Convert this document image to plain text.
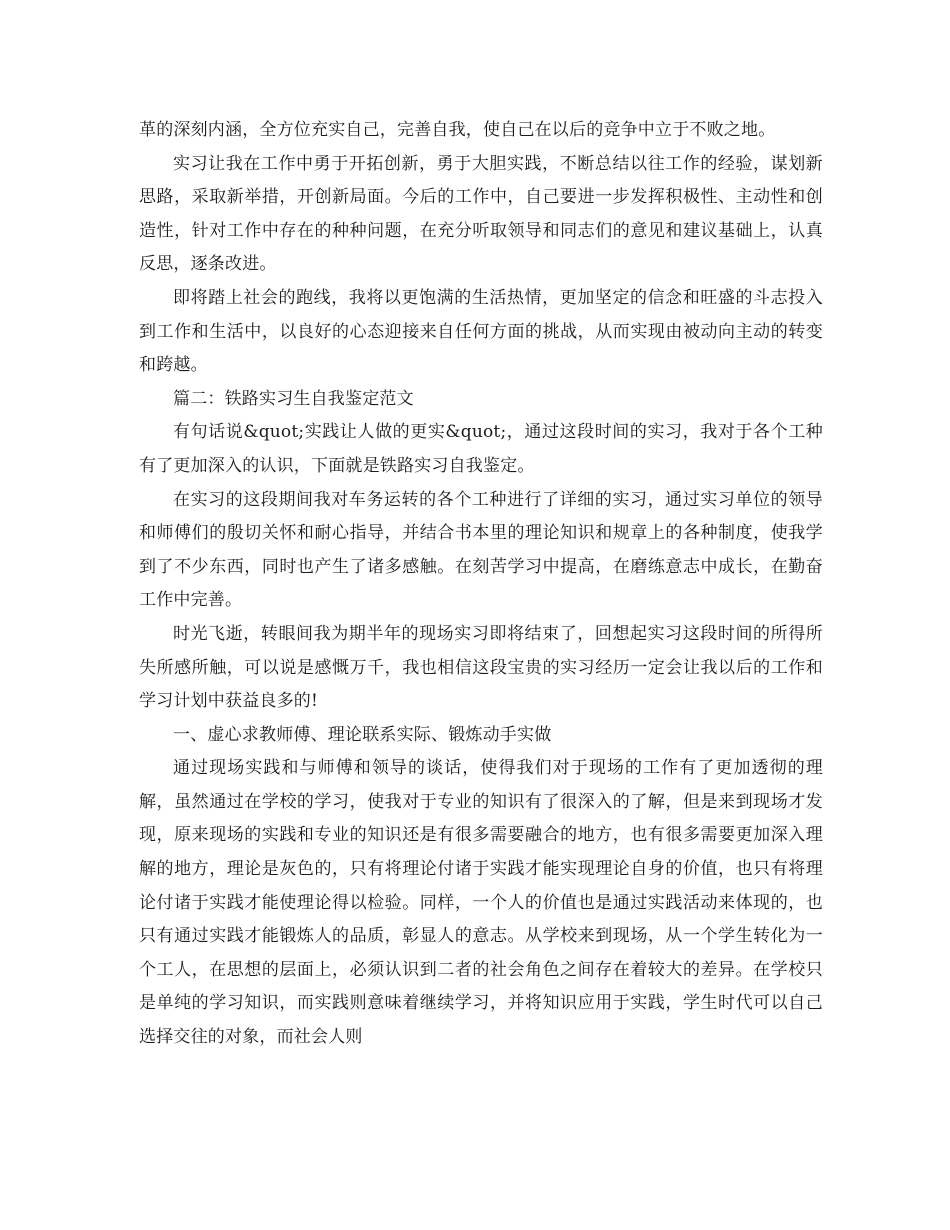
革的深刻内涵，全方位充实自己，完善自我，使自己在以后的竞争中立于不败之地。

实习让我在工作中勇于开拓创新，勇于大胆实践，不断总结以往工作的经验，谋划新思路，采取新举措，开创新局面。今后的工作中，自己要进一步发挥积极性、主动性和创造性，针对工作中存在的种种问题，在充分听取领导和同志们的意见和建议基础上，认真反思，逐条改进。

即将踏上社会的跑线，我将以更饱满的生活热情，更加坚定的信念和旺盛的斗志投入到工作和生活中，以良好的心态迎接来自任何方面的挑战，从而实现由被动向主动的转变和跨越。

篇二：铁路实习生自我鉴定范文

有句话说&quot;实践让人做的更实&quot;，通过这段时间的实习，我对于各个工种有了更加深入的认识，下面就是铁路实习自我鉴定。

在实习的这段期间我对车务运转的各个工种进行了详细的实习，通过实习单位的领导和师傅们的殷切关怀和耐心指导，并结合书本里的理论知识和规章上的各种制度，使我学到了不少东西，同时也产生了诸多感触。在刻苦学习中提高，在磨练意志中成长，在勤奋工作中完善。

时光飞逝，转眼间我为期半年的现场实习即将结束了，回想起实习这段时间的所得所失所感所触，可以说是感慨万千，我也相信这段宝贵的实习经历一定会让我以后的工作和学习计划中获益良多的!

一、虚心求教师傅、理论联系实际、锻炼动手实做

通过现场实践和与师傅和领导的谈话，使得我们对于现场的工作有了更加透彻的理解，虽然通过在学校的学习，使我对于专业的知识有了很深入的了解，但是来到现场才发现，原来现场的实践和专业的知识还是有很多需要融合的地方，也有很多需要更加深入理解的地方，理论是灰色的，只有将理论付诸于实践才能实现理论自身的价值，也只有将理论付诸于实践才能使理论得以检验。同样，一个人的价值也是通过实践活动来体现的，也只有通过实践才能锻炼人的品质，彰显人的意志。从学校来到现场，从一个学生转化为一个工人，在思想的层面上，必须认识到二者的社会角色之间存在着较大的差异。在学校只是单纯的学习知识，而实践则意味着继续学习，并将知识应用于实践，学生时代可以自己选择交往的对象，而社会人则
